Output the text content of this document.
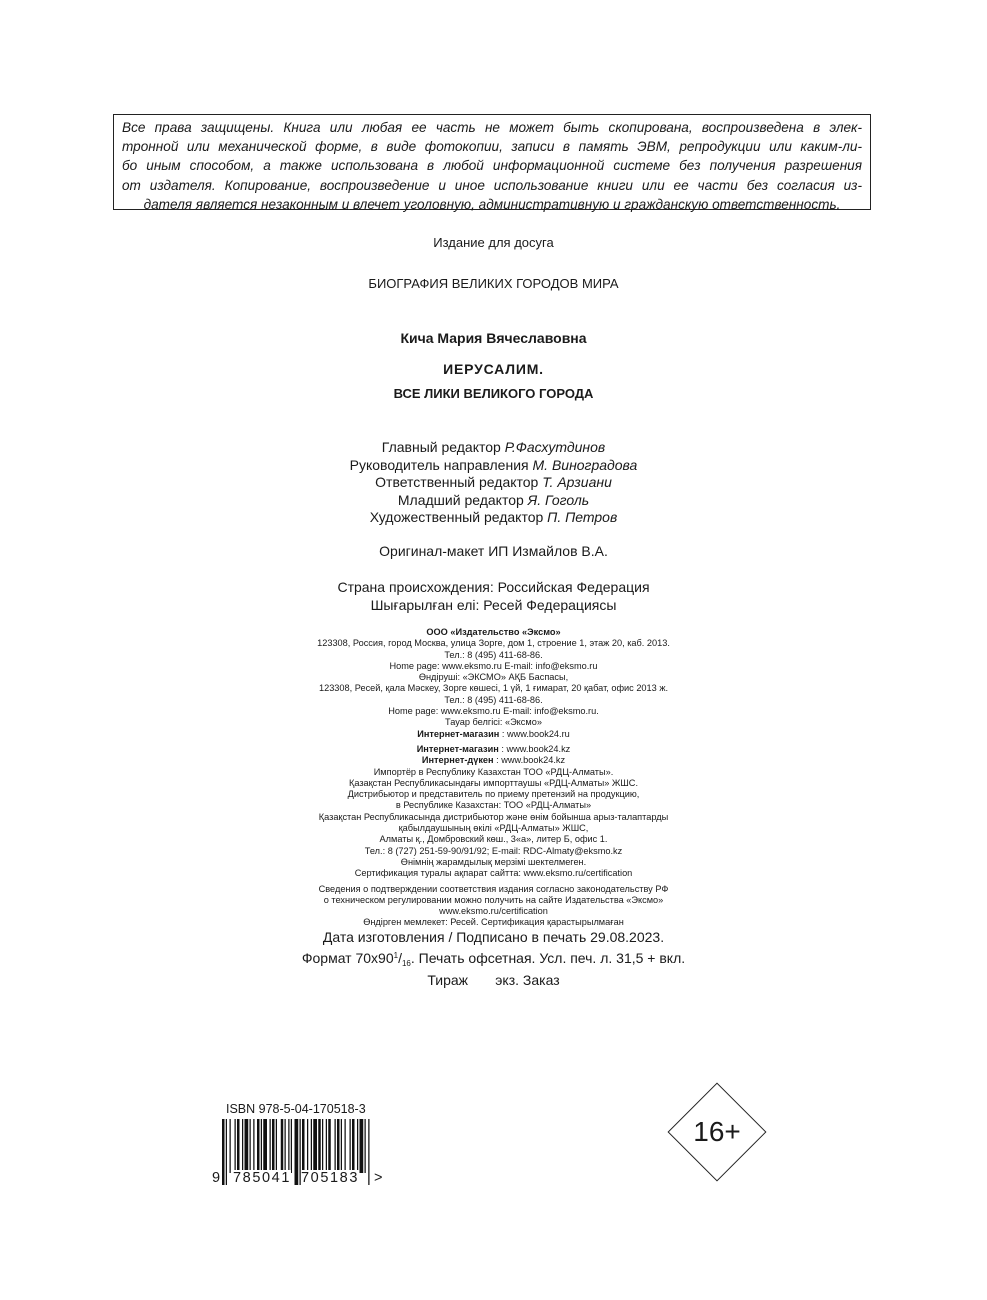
Все права защищены. Книга или любая ее часть не может быть скопирована, воспроизведена в элек-
тронной или механической форме, в виде фотокопии, записи в память ЭВМ, репродукции или каким-ли-
бо иным способом, а также использована в любой информационной системе без получения разрешения
от издателя. Копирование, воспроизведение и иное использование книги или ее части без согласия из-
дателя является незаконным и влечет уголовную, административную и гражданскую ответственность.
Издание для досуга
БИОГРАФИЯ ВЕЛИКИХ ГОРОДОВ МИРА
Кича Мария Вячеславовна
ИЕРУСАЛИМ.
ВСЕ ЛИКИ ВЕЛИКОГО ГОРОДА
Главный редактор Р.Фасхутдинов
Руководитель направления М. Виноградова
Ответственный редактор Т. Арзиани
Младший редактор Я. Гоголь
Художественный редактор П. Петров
Оригинал-макет ИП Измайлов В.А.
Страна происхождения: Российская Федерация
Шығарылған елі: Ресей Федерациясы
ООО «Издательство «Эксмо»
123308, Россия, город Москва, улица Зорге, дом 1, строение 1, этаж 20, каб. 2013.
Тел.: 8 (495) 411-68-86.
Home page: www.eksmo.ru E-mail: info@eksmo.ru
Өндіруші: «ЭКСМО» АҚБ Баспасы,
123308, Ресей, қала Мәскеу, Зорге көшесі, 1 үй, 1 ғимарат, 20 қабат, офис 2013 ж.
Тел.: 8 (495) 411-68-86.
Home page: www.eksmo.ru E-mail: info@eksmo.ru.
Тауар белгісі: «Эксмо»
Интернет-магазин : www.book24.ru
Интернет-магазин : www.book24.kz
Интернет-дүкен : www.book24.kz
Импортёр в Республику Казахстан ТОО «РДЦ-Алматы».
Қазақстан Республикасындағы импорттаушы «РДЦ-Алматы» ЖШС.
Дистрибьютор и представитель по приему претензий на продукцию,
в Республике Казахстан: ТОО «РДЦ-Алматы»
Қазақстан Республикасында дистрибьютор және өнім бойынша арыз-талаптарды
қабылдаушының өкілі «РДЦ-Алматы» ЖШС,
Алматы қ., Домбровский көш., 3«а», литер Б, офис 1.
Тел.: 8 (727) 251-59-90/91/92; E-mail: RDC-Almaty@eksmo.kz
Өнімнің жарамдылық мерзімі шектелмеген.
Сертификация туралы ақпарат сайтта: www.eksmo.ru/certification
Сведения о подтверждении соответствия издания согласно законодательству РФ
о техническом регулировании можно получить на сайте Издательства «Эксмо»
www.eksmo.ru/certification
Өндірген мемлекет: Ресей. Сертификация қарастырылмаған
Дата изготовления / Подписано в печать 29.08.2023.
Формат $70х90^1/_{16}$. Печать офсетная. Усл. печ. л. 31,5 + вкл.
Тираж экз. Заказ
ISBN 978-5-04-170518-3
9 785041 705183 >
16+
